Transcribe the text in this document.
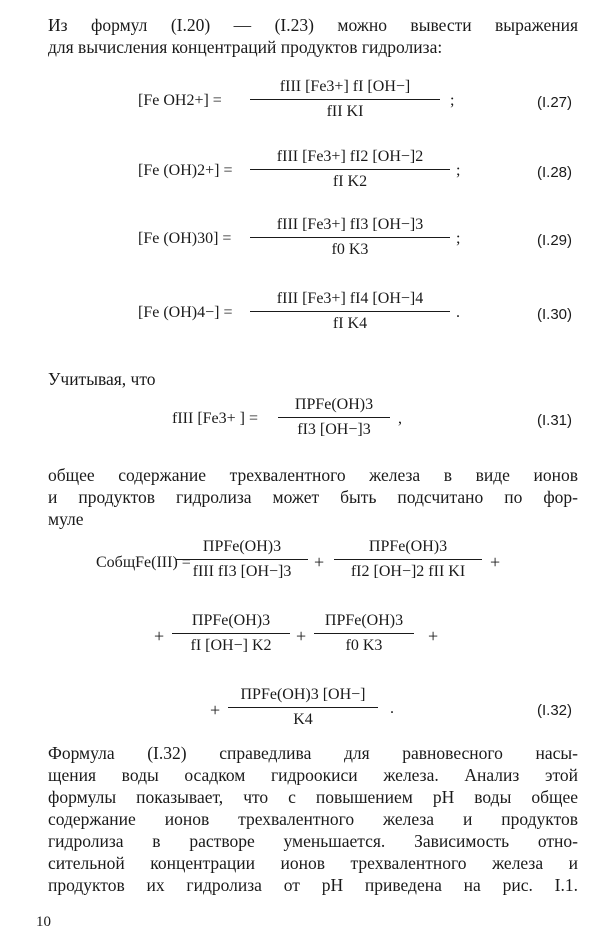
Из формул (I.20) — (I.23) можно вывести выражения
для вычисления концентраций продуктов гидролиза:

[Fe OH2+] =
fIII [Fe3+] fI [OH−]
fII KI
;	(I.27)
[Fe (OH)2+] =
fIII [Fe3+] fI2 [OH−]2
fI K2
;	(I.28)
[Fe (OH)30] =
fIII [Fe3+] fI3 [OH−]3
f0 K3
;	(I.29)
[Fe (OH)4−] =
fIII [Fe3+] fI4 [OH−]4
fI K4
.	(I.30)

Учитывая, что

fIII [Fe3+ ] =
ПРFe(OH)3
fI3 [OH−]3
,	(I.31)

общее содержание трехвалентного железа в виде ионов
и продуктов гидролиза может быть подсчитано по фор-
муле

CобщFe(III) =
ПРFe(OH)3
fIII fI3 [OH−]3	+
ПРFe(OH)3
fI2 [OH−]2 fII KI	+
+
ПРFe(OH)3
fI [OH−] K2	+
ПРFe(OH)3
f0 K3	+
+
ПРFe(OH)3 [OH−]
K4
.	(I.32)

Формула (I.32) справедлива для равновесного насы-
щения воды осадком гидроокиси железа. Анализ этой
формулы показывает, что с повышением pH воды общее
содержание ионов трехвалентного железа и продуктов
гидролиза в растворе уменьшается. Зависимость отно-
сительной концентрации ионов трехвалентного железа и
продуктов их гидролиза от pH приведена на рис. I.1.

10
